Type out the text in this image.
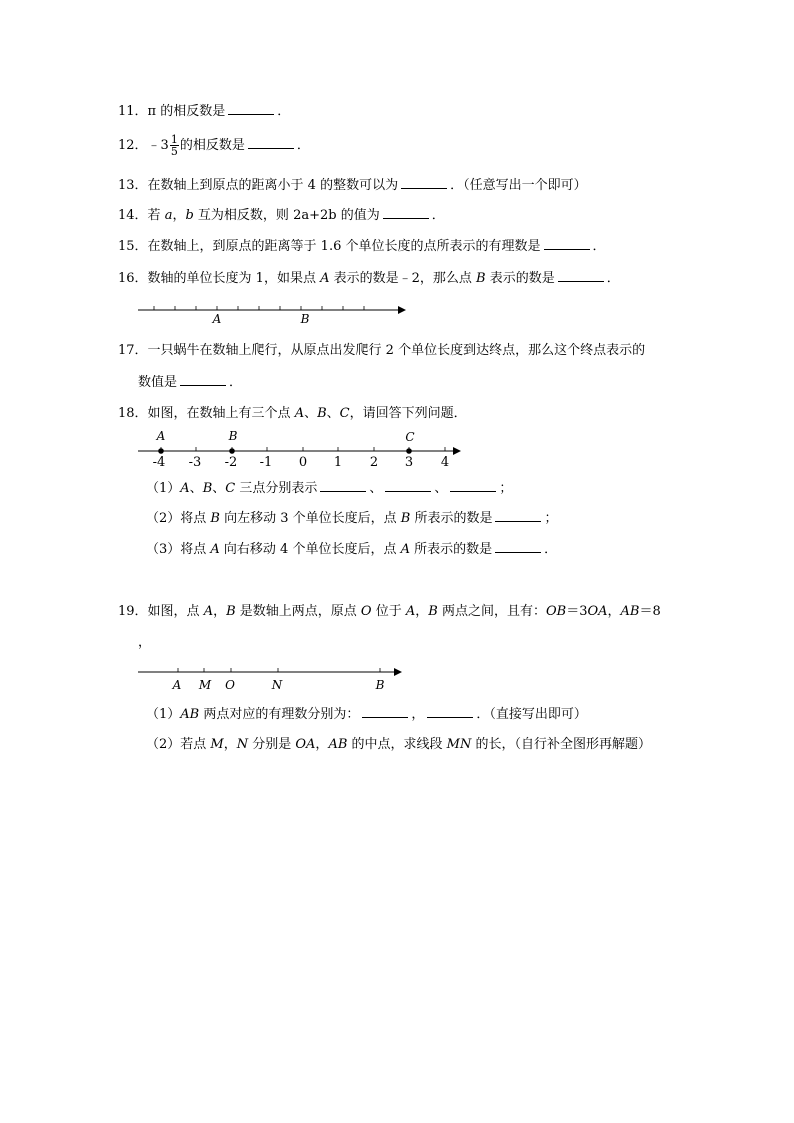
11．π 的相反数是	．
12．﹣3 $\frac{1}{5}$ 的相反数是	．
13．在数轴上到原点的距离小于 4 的整数可以为	．（任意写出一个即可）
14．若 a，b 互为相反数，则 2a+2b 的值为	．
15．在数轴上，到原点的距离等于 1.6 个单位长度的点所表示的有理数是	．
16．数轴的单位长度为 1，如果点 A 表示的数是﹣2，那么点 B 表示的数是	．
A	B
17．一只蜗牛在数轴上爬行，从原点出发爬行 2 个单位长度到达终点，那么这个终点表示的
数值是	．
18．如图，在数轴上有三个点 A、B、C，请回答下列问题．
A	B	C
-4 -3 -2 -1 0 1 2 3 4
（1）A、B、C 三点分别表示	、	、	；
（2）将点 B 向左移动 3 个单位长度后，点 B 所表示的数是	；
（3）将点 A 向右移动 4 个单位长度后，点 A 所表示的数是	．
19．如图，点 A，B 是数轴上两点，原点 O 位于 A，B 两点之间，且有：OB＝3OA，AB＝8
，
A M O	N	B
（1）AB 两点对应的有理数分别为：	，	．（直接写出即可）
（2）若点 M，N 分别是 OA，AB 的中点，求线段 MN 的长，（自行补全图形再解题）
